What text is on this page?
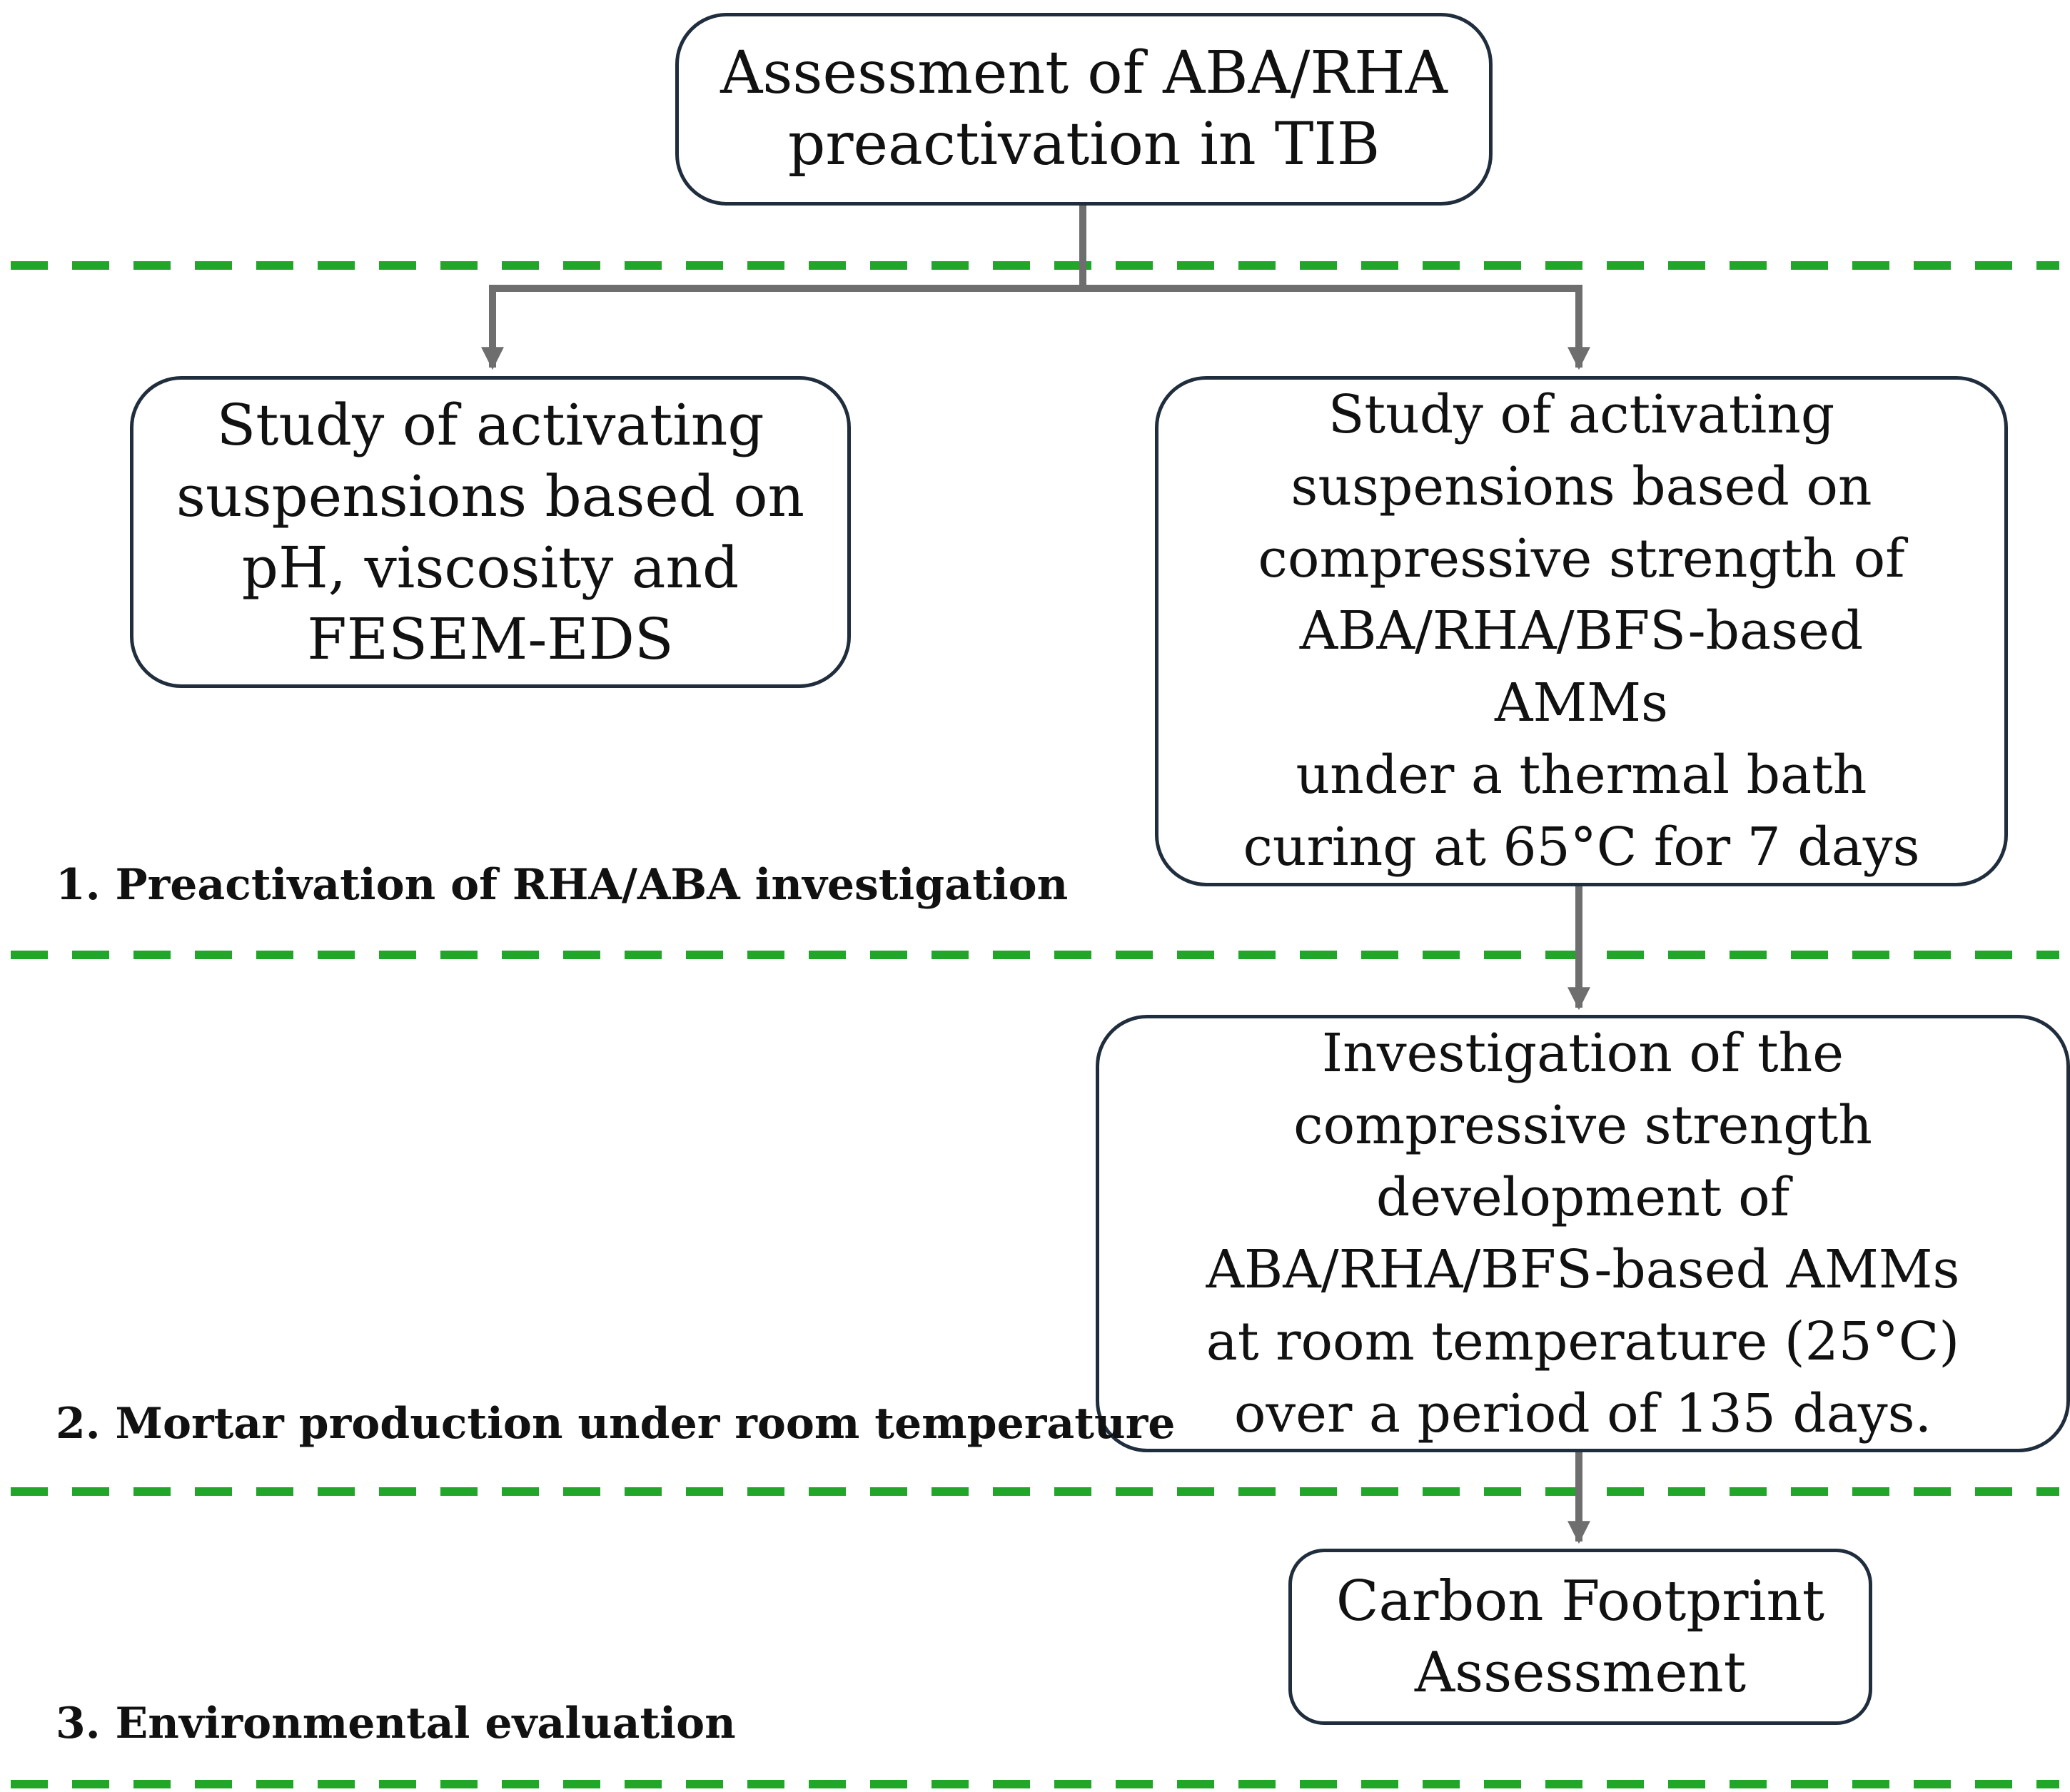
Assessment of ABA/RHA
preactivation in TIB
Study of activating
suspensions based on
pH, viscosity and
FESEM-EDS
Study of activating
suspensions based on
compressive strength of
ABA/RHA/BFS-based
AMMs
under a thermal bath
curing at 65°C for 7 days
Investigation of the
compressive strength
development of
ABA/RHA/BFS-based AMMs
at room temperature (25°C)
over a period of 135 days.
Carbon Footprint
Assessment
1. Preactivation of RHA/ABA investigation
2. Mortar production under room temperature
3. Environmental evaluation
